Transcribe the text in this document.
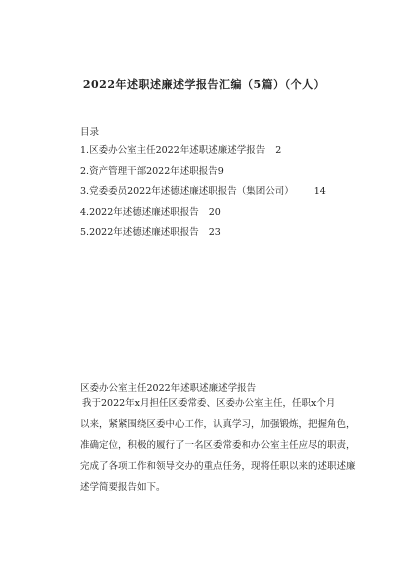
2022年述职述廉述学报告汇编（5篇）（个人）
目录
1.区委办公室主任2022年述职述廉述学报告 2
2.资产管理干部2022年述职报告9
3.党委委员2022年述德述廉述职报告（集团公司） 14
4.2022年述德述廉述职报告 20
5.2022年述德述廉述职报告 23
区委办公室主任2022年述职述廉述学报告
我于2022年x月担任区委常委、区委办公室主任，任职x个月
以来，紧紧围绕区委中心工作，认真学习，加强锻炼，把握角色，
准确定位，积极的履行了一名区委常委和办公室主任应尽的职责，
完成了各项工作和领导交办的重点任务，现将任职以来的述职述廉
述学简要报告如下。
